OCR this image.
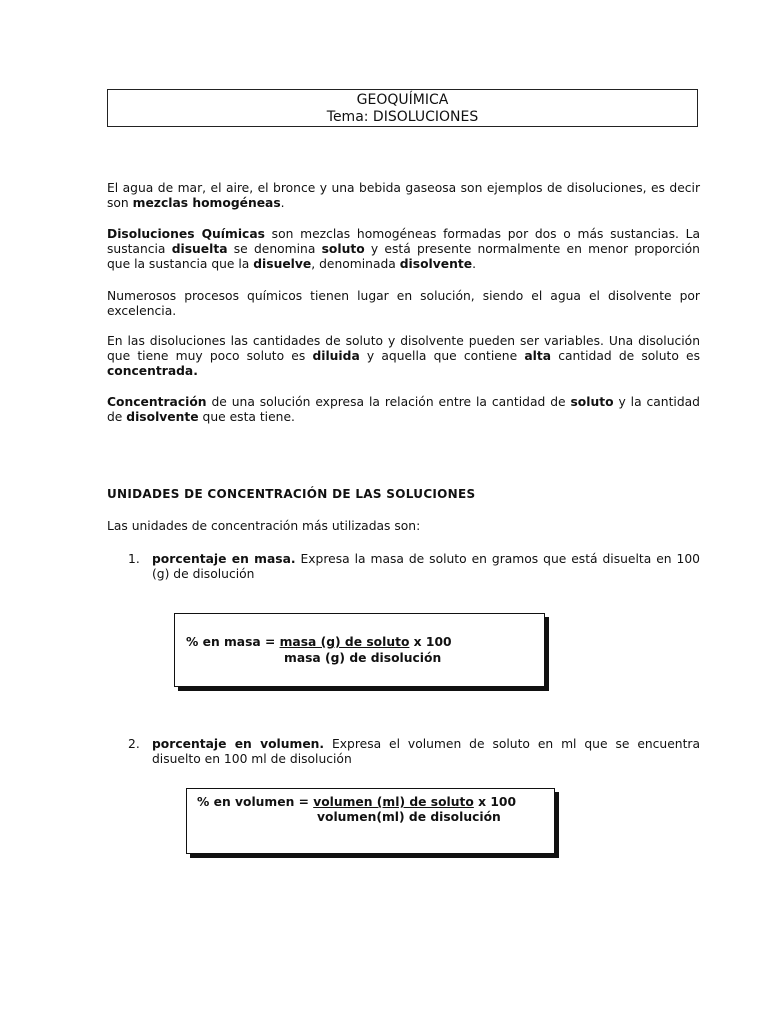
GEOQUÍMICA
Tema: DISOLUCIONES

El agua de mar, el aire, el bronce y una bebida gaseosa son ejemplos de disoluciones, es decir son mezclas homogéneas.

Disoluciones Químicas son mezclas homogéneas formadas por dos o más sustancias. La sustancia disuelta se denomina soluto y está presente normalmente en menor proporción que la sustancia que la disuelve, denominada disolvente.

Numerosos procesos químicos tienen lugar en solución, siendo el agua el disolvente por excelencia.

En las disoluciones las cantidades de soluto y disolvente pueden ser variables. Una disolución que tiene muy poco soluto es diluida y aquella que contiene alta cantidad de soluto es concentrada.

Concentración de una solución expresa la relación entre la cantidad de soluto y la cantidad de disolvente que esta tiene.

UNIDADES DE CONCENTRACIÓN DE LAS SOLUCIONES
Las unidades de concentración más utilizadas son:
1. porcentaje en masa. Expresa la masa de soluto en gramos que está disuelta en 100 (g) de disolución

% en masa = masa (g) de soluto x 100
masa (g) de disolución
2. porcentaje en volumen. Expresa el volumen de soluto en ml que se encuentra disuelto en 100 ml de disolución

% en volumen = volumen (ml) de soluto x 100
volumen(ml) de disolución
